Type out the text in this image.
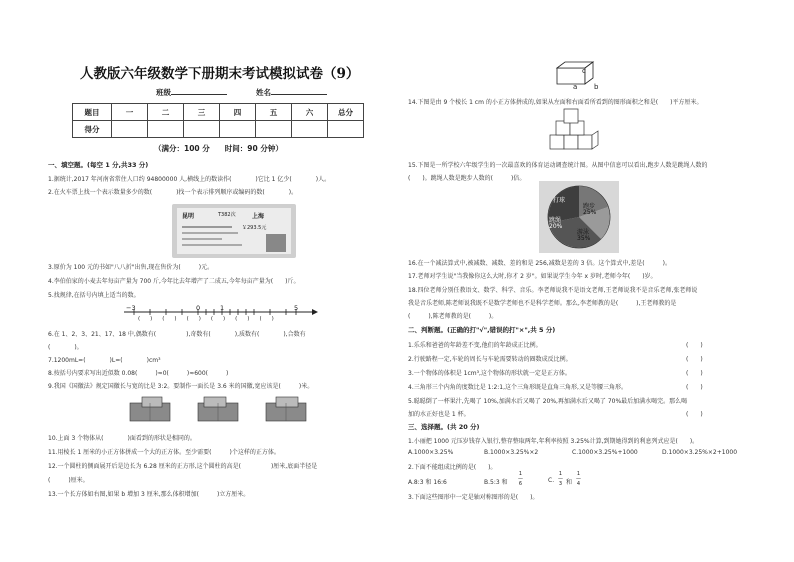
人教版六年级数学下册期末考试模拟试卷（9）
班级	姓名
题目	一	二	三	四	五	六	总分
得分							
（满分：100 分　　时间：90 分钟）
一、填空题。(每空 1 分,共33 分)
1.据统计,2017 年河南省常住人口约 94800000 人,横线上的数读作(　　　　)它比 1 亿少(　　　　)人。
2.在火车票上找一个表示数量多少的数(　　　　)找一个表示排列顺序或编码的数(　　　　)。
昆明	T382次	上海
￥293.5元
3.原价为 100 元的书如"八八折"出售,现在售价为(　　　)元。
4.李伯伯家的小麦去年每亩产量为 700 斤,今年比去年增产了二成五,今年每亩产量为(　　)斤。
5.找规律,在括号内填上适当的数。
−3	0	1	5
()()()()()()
6.在 1、2、3、21、17、18 中,偶数有(　　　　　),奇数有(　　　　),质数有(　　　　),合数有
(　　　　)。
7.1200mL=(　　　　)L=(　　　　)cm³
8.按括号内要求写出近似数 0.08(　　　)≈0(　　　)≈600(　　　)
9.我国《国徽法》规定国徽长与宽的比是 3:2。要制作一面长是 3.6 米的国徽,宽应该是(　　　)米。
10.上面 3 个物体从(　　　　)面看到的形状是相同的。
11.用棱长 1 厘米的小正方体拼成一个大的正方体。至少需要(　　　)个这样的正方体。
12.一个圆柱的侧面展开后是边长为 6.28 厘米的正方形,这个圆柱的高是(　　　　　)厘米,底面半径是
(　　　)厘米。
13.一个长方体如右图,如果 b 增加 3 厘米,那么体积增加(　　　)立方厘米。
c
a b
14.下图是由 9 个棱长 1 cm 的小正方体拼成的,如果从左面和右面看所看到的图形面积之和是(　　)平方厘米。
15.下图是一所学校六年级学生的一次最喜欢的体育运动调查统计图。从图中信息可以看出,跑步人数是跳绳人数的
(　　)。跳绳人数是跑步人数的(　　　)倍。
打球
跑步
25%
跳绳
20%
游泳
35%
16.在一个减法算式中,被减数、减数、差的和是 256,减数是差的 3 倍。这个算式中,差是(　　　)。
17.老师对学生说"当我像你这么大时,你才 2 岁"。如果说学生今年 x 岁时,老师今年(　　)岁。
18.四位老师分别任教语文、数学、科学、音乐。李老师说我不是语文老师,王老师说我不是音乐老师,张老师说
我是音乐老师,陈老师说我既不是数学老师也不是科学老师。那么,李老师教的是(　　　),王老师教的是
(　　　),陈老师教的是(　　　)。
二、判断题。(正确的打"√",错误的打"×",共 5 分)
1.乐乐和爸爸的年龄差不变,他们的年龄成正比例。
2.行驶路程一定,车轮的周长与车轮需要转动的圈数成反比例。
3.一个物体的体积是 1cm³,这个物体的形状就一定是正方体。
4.三角形三个内角的度数比是 1:2:1,这个三角形既是直角三角形,又是等腰三角形。
5.聪聪倒了一杯果汁,先喝了 10%,加满水后又喝了 20%,再加满水后又喝了 70%最后加满水喝完。那么喝
加的水正好也是 1 杯。
(　　)
(　　)
(　　)
(　　)
(　　)
三、选择题。(共 20 分)
1.小丽把 1000 元压岁钱存入银行,整存整取两年,年利率按照 3.25%计算,到期她得到的利息列式应是(　　)。
A.1000×3.25%	B.1000×3.25%×2	C.1000×3.25%+1000	D.1000×3.25%×2+1000
2.下面不能组成比例的是(　　)。
A.8:3 和 16:6	B.5:3 和
1
—
6	C.
1
—
3 和
1
—
4
3.下面这些图形中一定是轴对称图形的是(　　)。
